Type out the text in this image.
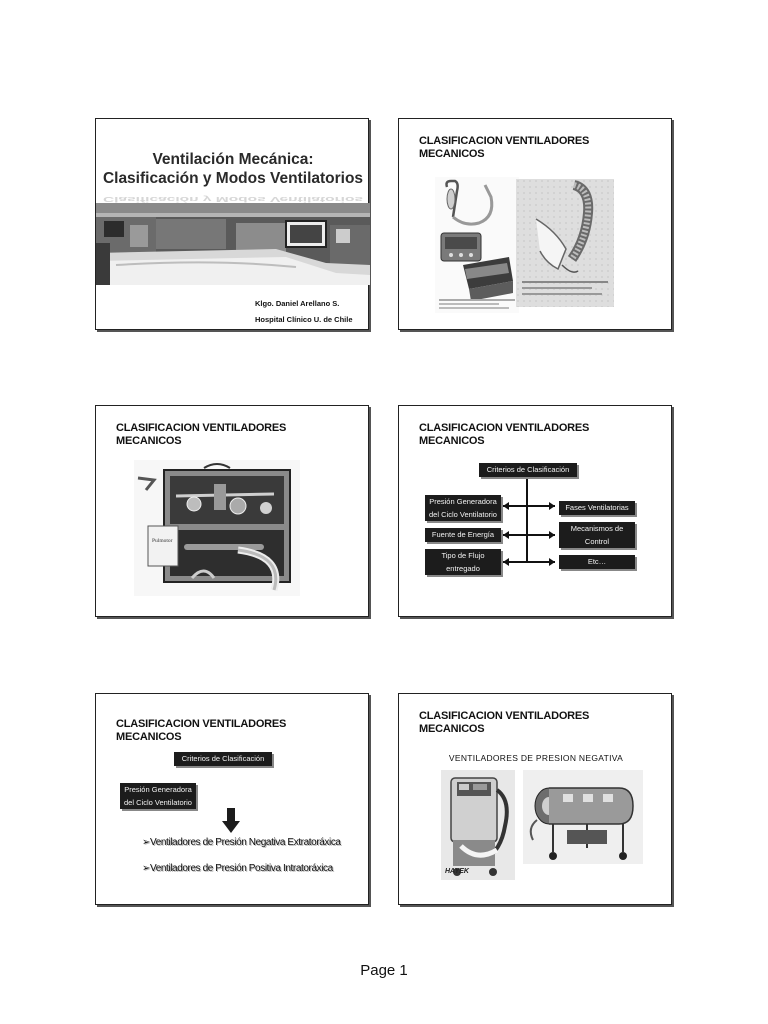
Ventilación Mecánica:
Clasificación y Modos Ventilatorios
Clasificación y Modos Ventilatorios
Klgo. Daniel Arellano S.
Hospital Clínico U. de Chile
CLASIFICACION VENTILADORES
MECANICOS
CLASIFICACION VENTILADORES
MECANICOS
Pulmotor
CLASIFICACION VENTILADORES
MECANICOS
Criterios de Clasificación
Presión Generadora
del Ciclo Ventilatorio
Fuente de Energía
Tipo de Flujo
entregado
Fases Ventilatorias
Mecanismos de
Control
Etc…
CLASIFICACION VENTILADORES
MECANICOS
Criterios de Clasificación
Presión Generadora
del Ciclo Ventilatorio
➢Ventiladores de Presión Negativa Extratoráxica
➢Ventiladores de Presión Positiva Intratoráxica
CLASIFICACION VENTILADORES
MECANICOS
VENTILADORES DE PRESION NEGATIVA
HAYEK
Page 1
